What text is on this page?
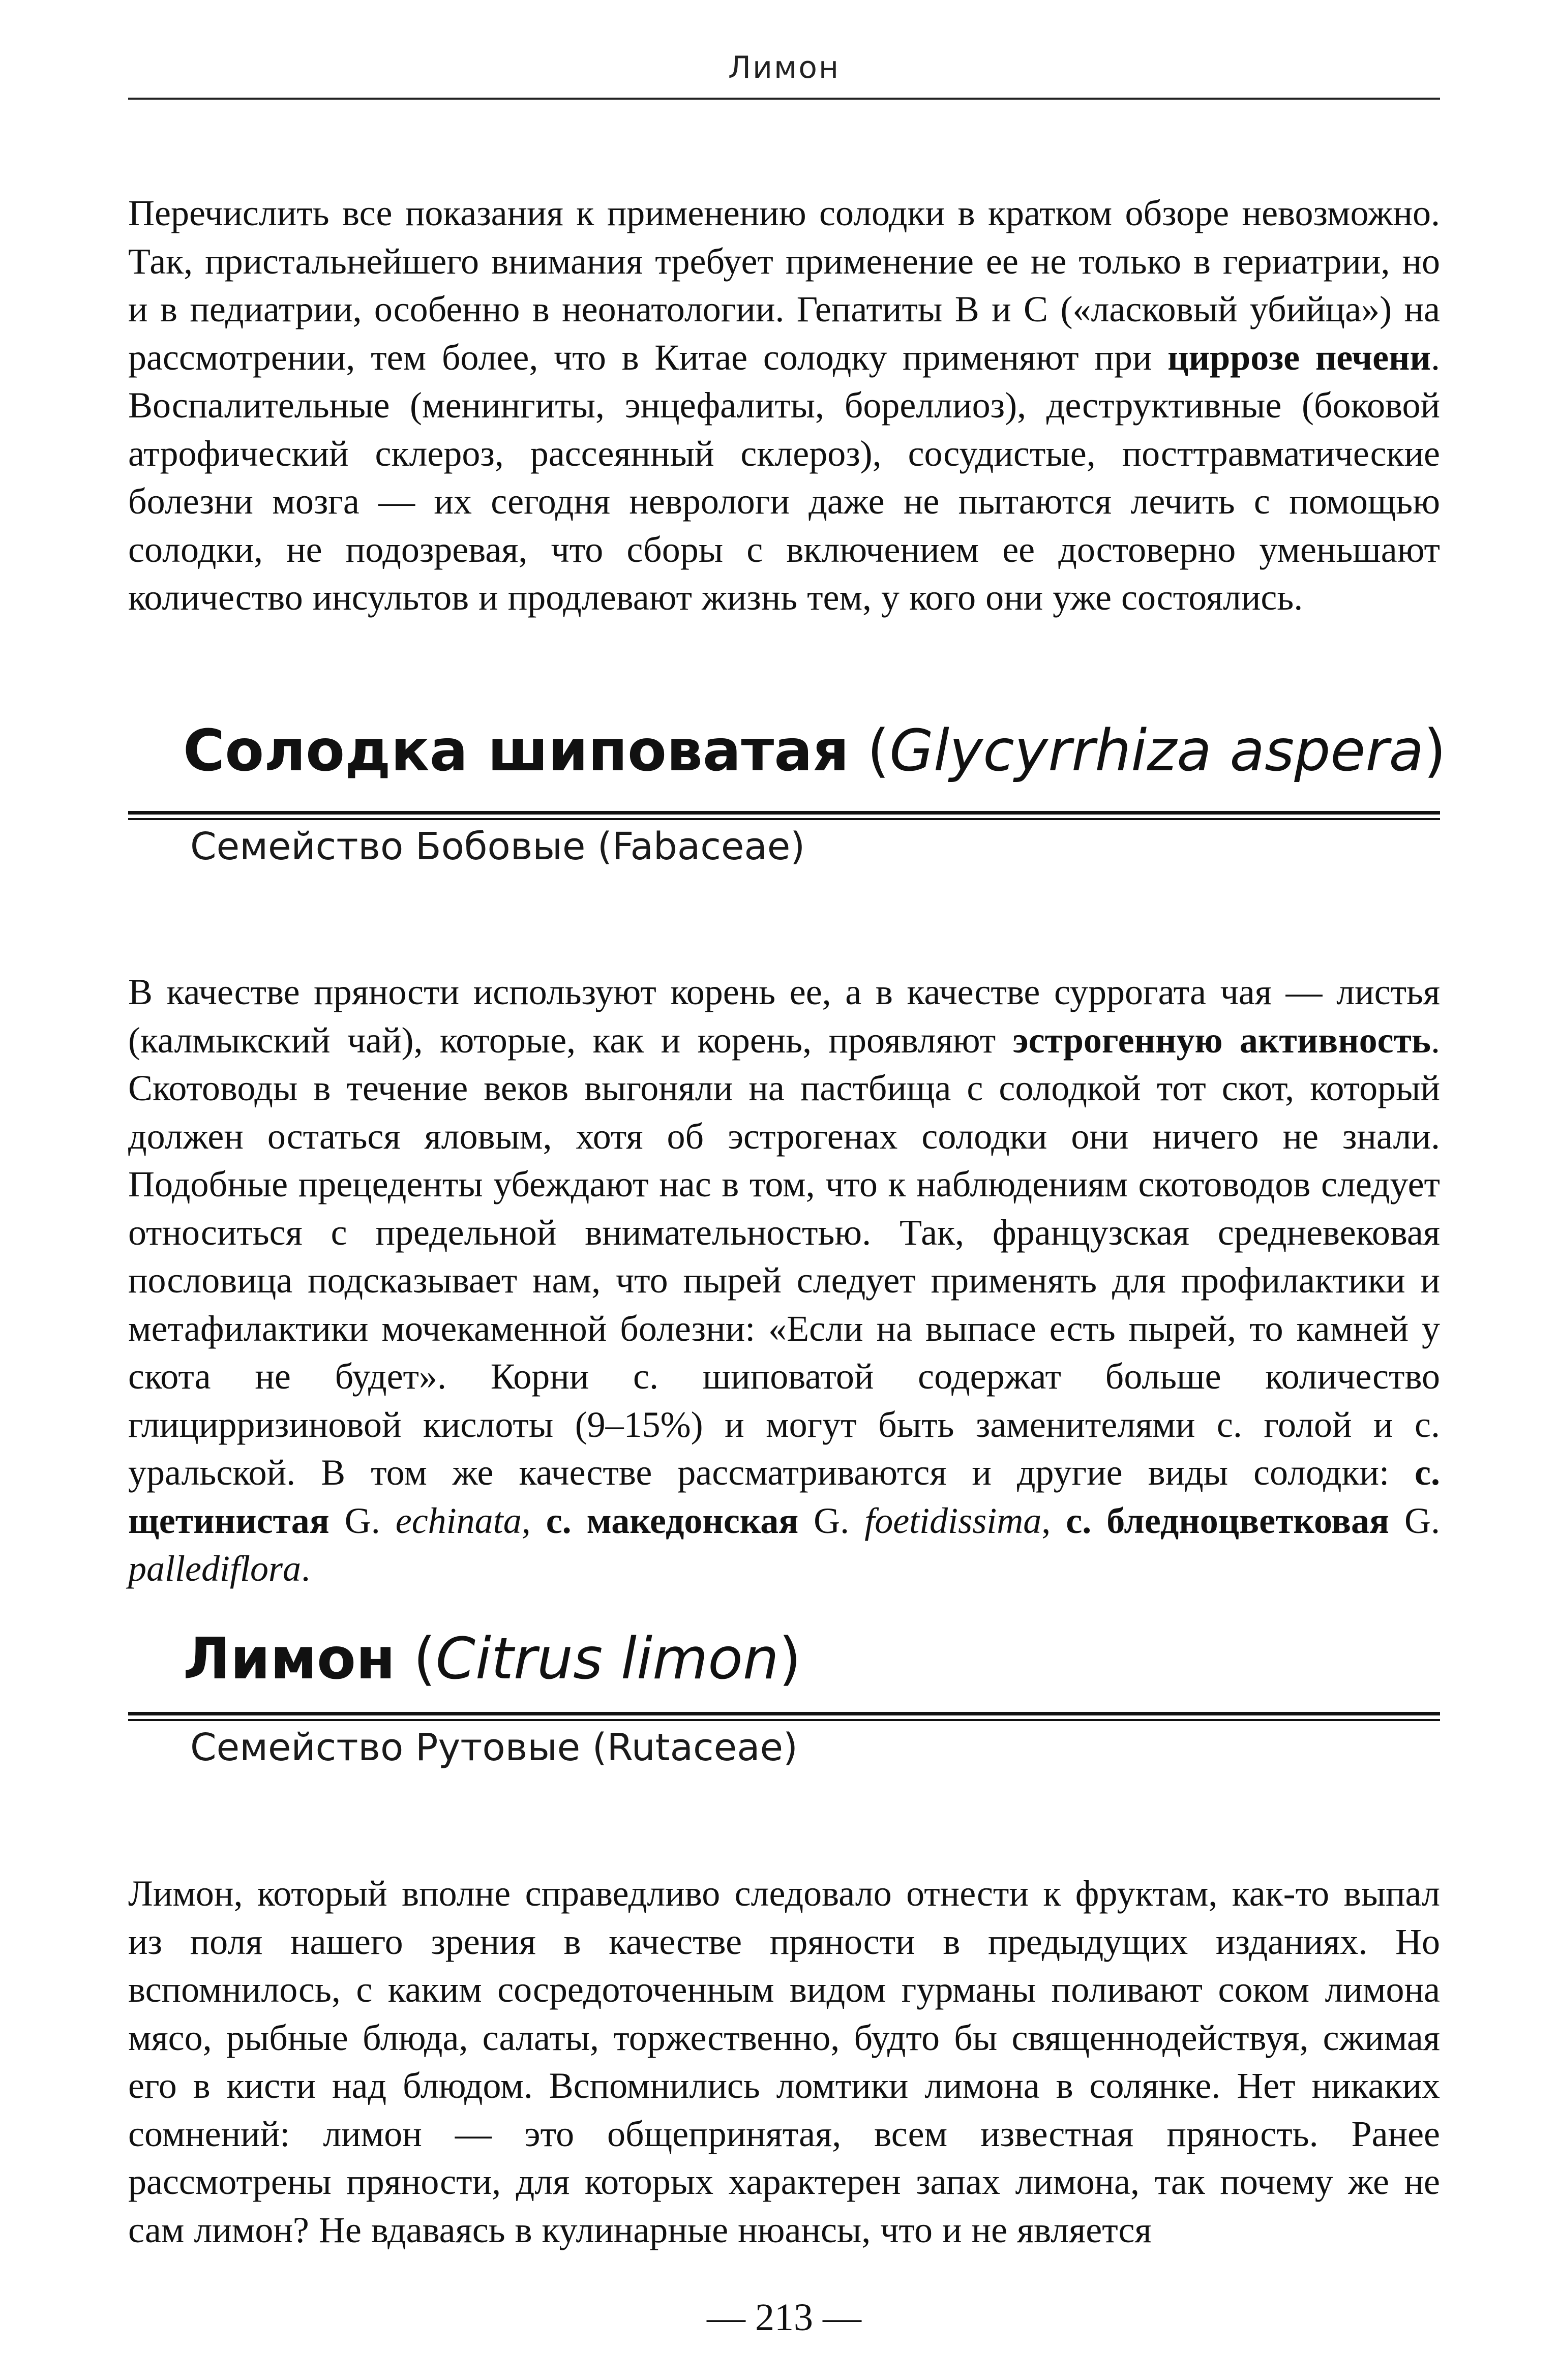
Лимон

Перечислить все показания к применению солодки в кратком обзоре невозможно. Так, пристальнейшего внимания требует применение ее не только в гериатрии, но и в педиатрии, особенно в неонатологии. Гепатиты В и С («ласковый убийца») на рассмотрении, тем более, что в Китае солодку применяют при циррозе печени. Воспалительные (менингиты, энцефалиты, бореллиоз), деструктивные (боковой атрофический склероз, рассеянный склероз), сосудистые, посттравматические болезни мозга — их сегодня неврологи даже не пытаются лечить с помощью солодки, не подозревая, что сборы с включением ее достоверно уменьшают количество инсультов и продлевают жизнь тем, у кого они уже состоялись.

Солодка шиповатая (Glycyrrhiza aspera)
Семейство Бобовые (Fabaceae)

В качестве пряности используют корень ее, а в качестве суррогата чая — листья (калмыкский чай), которые, как и корень, проявляют эстрогенную активность. Скотоводы в течение веков выгоняли на пастбища с солодкой тот скот, который должен остаться яловым, хотя об эстрогенах солодки они ничего не знали. Подобные прецеденты убеждают нас в том, что к наблюдениям скотоводов следует относиться с предельной внимательностью. Так, французская средневековая пословица подсказывает нам, что пырей следует применять для профилактики и метафилактики мочекаменной болезни: «Если на выпасе есть пырей, то камней у скота не будет». Корни с. шиповатой содержат больше количество глицирризиновой кислоты (9–15%) и могут быть заменителями с. голой и с. уральской. В том же качестве рассматриваются и другие виды солодки: с. щетинистая G. echinata, с. македонская G. foetidissima, с. бледноцветковая G. pallediflora.

Лимон (Citrus limon)
Семейство Рутовые (Rutaceae)

Лимон, который вполне справедливо следовало отнести к фруктам, как-то выпал из поля нашего зрения в качестве пряности в предыдущих изданиях. Но вспомнилось, с каким сосредоточенным видом гурманы поливают соком лимона мясо, рыбные блюда, салаты, торжественно, будто бы священнодействуя, сжимая его в кисти над блюдом. Вспомнились ломтики лимона в солянке. Нет никаких сомнений: лимон — это общепринятая, всем известная пряность. Ранее рассмотрены пряности, для которых характерен запах лимона, так почему же не сам лимон? Не вдаваясь в кулинарные нюансы, что и не является

— 213 —
